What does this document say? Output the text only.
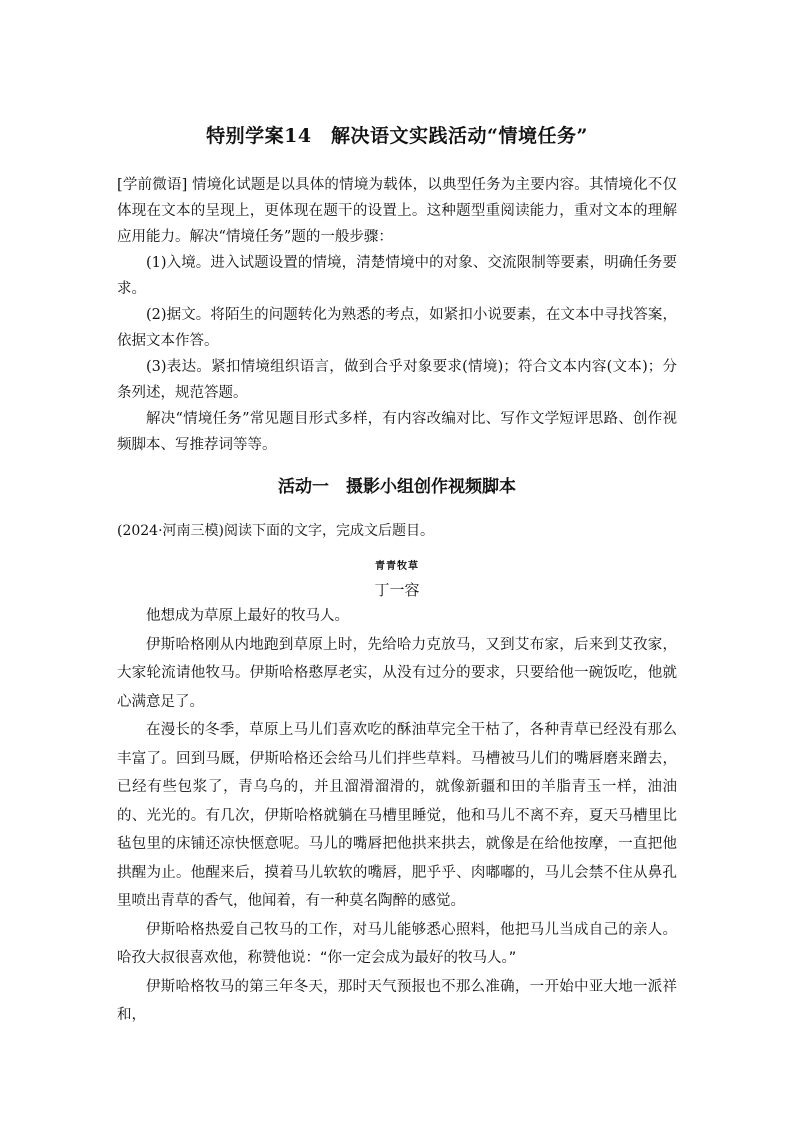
特别学案14　解决语文实践活动“情境任务”

[学前微语] 情境化试题是以具体的情境为载体，以典型任务为主要内容。其情境化不仅体现在文本的呈现上，更体现在题干的设置上。这种题型重阅读能力，重对文本的理解应用能力。解决“情境任务”题的一般步骤：

(1)入境。进入试题设置的情境，清楚情境中的对象、交流限制等要素，明确任务要求。

(2)据文。将陌生的问题转化为熟悉的考点，如紧扣小说要素，在文本中寻找答案，依据文本作答。

(3)表达。紧扣情境组织语言，做到合乎对象要求(情境)；符合文本内容(文本)；分条列述，规范答题。

解决“情境任务”常见题目形式多样，有内容改编对比、写作文学短评思路、创作视频脚本、写推荐词等等。

活动一　摄影小组创作视频脚本
(2024·河南三模)阅读下面的文字，完成文后题目。
青青牧草
丁一容

他想成为草原上最好的牧马人。

伊斯哈格刚从内地跑到草原上时，先给哈力克放马，又到艾布家，后来到艾孜家，大家轮流请他牧马。伊斯哈格憨厚老实，从没有过分的要求，只要给他一碗饭吃，他就心满意足了。

在漫长的冬季，草原上马儿们喜欢吃的酥油草完全干枯了，各种青草已经没有那么丰富了。回到马厩，伊斯哈格还会给马儿们拌些草料。马槽被马儿们的嘴唇磨来蹭去，已经有些包浆了，青乌乌的，并且溜滑溜滑的，就像新疆和田的羊脂青玉一样，油油的、光光的。有几次，伊斯哈格就躺在马槽里睡觉，他和马儿不离不弃，夏天马槽里比毡包里的床铺还凉快惬意呢。马儿的嘴唇把他拱来拱去，就像是在给他按摩，一直把他拱醒为止。他醒来后，摸着马儿软软的嘴唇，肥乎乎、肉嘟嘟的，马儿会禁不住从鼻孔里喷出青草的香气，他闻着，有一种莫名陶醉的感觉。

伊斯哈格热爱自己牧马的工作，对马儿能够悉心照料，他把马儿当成自己的亲人。哈孜大叔很喜欢他，称赞他说：“你一定会成为最好的牧马人。”

伊斯哈格牧马的第三年冬天，那时天气预报也不那么准确，一开始中亚大地一派祥和，
